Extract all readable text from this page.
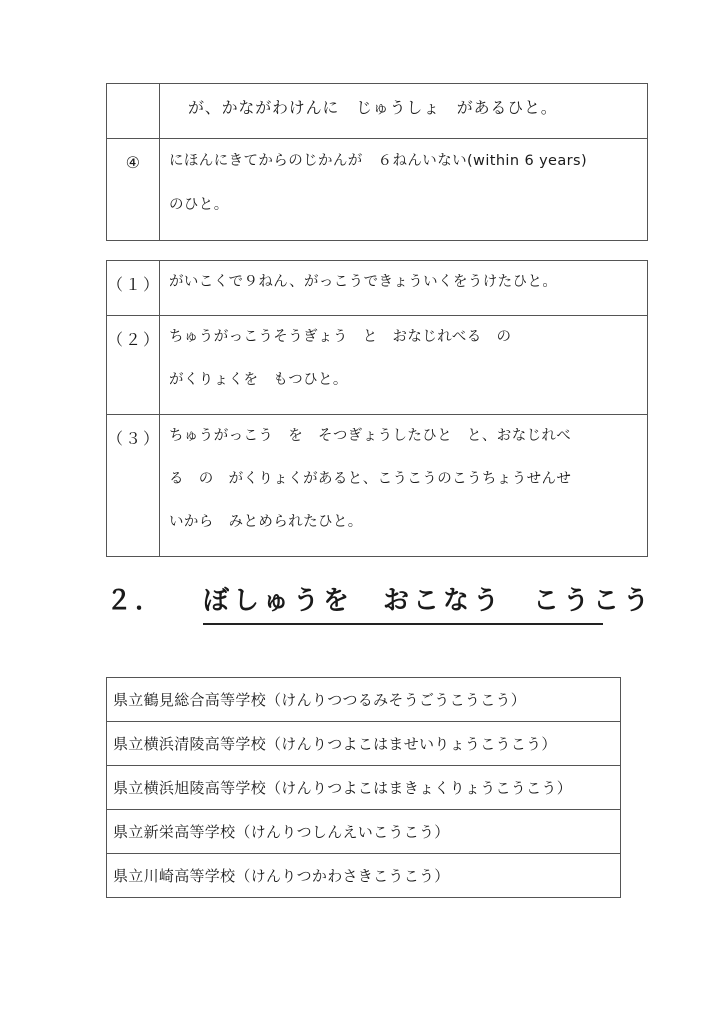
	が、かながわけんに　じゅうしょ　があるひと。
④	にほんにきてからのじかんが　６ねんいない(within 6 years)
のひと。
（１）	がいこくで９ねん、がっこうできょういくをうけたひと。

（２）	ちゅうがっこうそうぎょう　と　おなじれべる　の
がくりょくを　もつひと。

（３）	ちゅうがっこう　を　そつぎょうしたひと　と、おなじれべ
る　の　がくりょくがあると、こうこうのこうちょうせんせ
いから　みとめられたひと。
２． ぼしゅうを　おこなう　こうこう
県立鶴見総合高等学校（けんりつつるみそうごうこうこう）
県立横浜清陵高等学校（けんりつよこはませいりょうこうこう）
県立横浜旭陵高等学校（けんりつよこはまきょくりょうこうこう）
県立新栄高等学校（けんりつしんえいこうこう）
県立川崎高等学校（けんりつかわさきこうこう）
